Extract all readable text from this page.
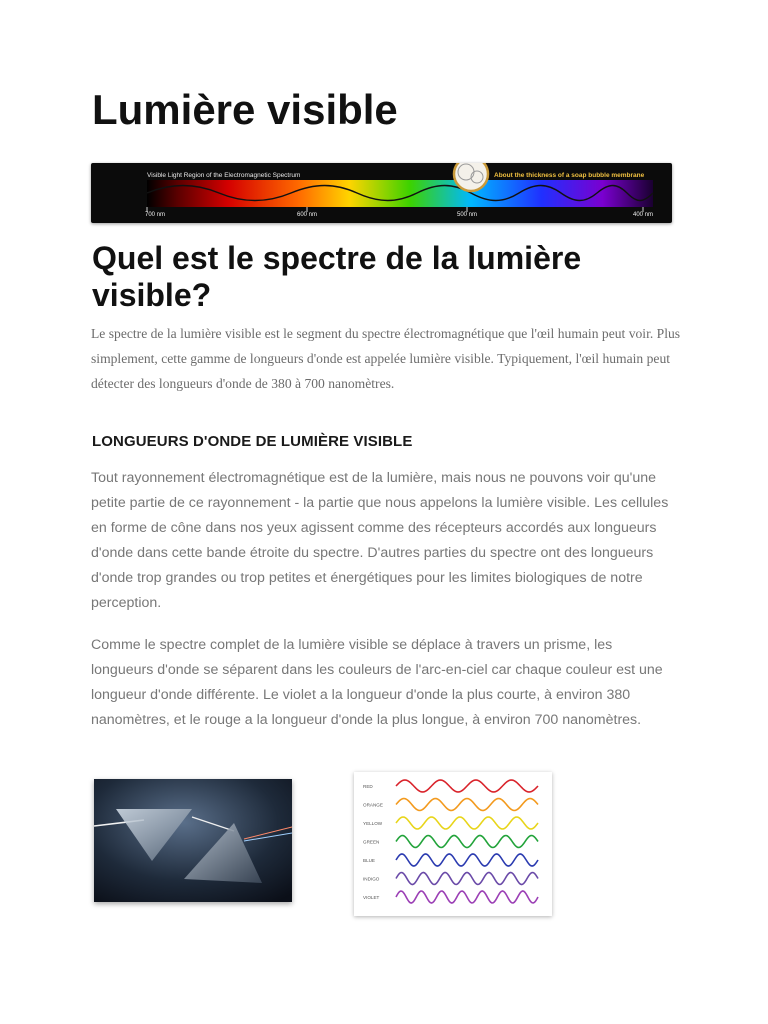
Lumière visible
Visible Light Region of the Electromagnetic Spectrum	About the thickness of a soap bubble membrane
700 nm	600 nm	500 nm	400 nm
Quel est le spectre de la lumière visible?

Le spectre de la lumière visible est le segment du spectre électromagnétique que l'œil humain peut voir. Plus simplement, cette gamme de longueurs d'onde est appelée lumière visible. Typiquement, l'œil humain peut détecter des longueurs d'onde de 380 à 700 nanomètres.

LONGUEURS D'ONDE DE LUMIÈRE VISIBLE

Tout rayonnement électromagnétique est de la lumière, mais nous ne pouvons voir qu'une petite partie de ce rayonnement - la partie que nous appelons la lumière visible. Les cellules en forme de cône dans nos yeux agissent comme des récepteurs accordés aux longueurs d'onde dans cette bande étroite du spectre. D'autres parties du spectre ont des longueurs d'onde trop grandes ou trop petites et énergétiques pour les limites biologiques de notre perception.

Comme le spectre complet de la lumière visible se déplace à travers un prisme, les longueurs d'onde se séparent dans les couleurs de l'arc-en-ciel car chaque couleur est une longueur d'onde différente. Le violet a la longueur d'onde la plus courte, à environ 380 nanomètres, et le rouge a la longueur d'onde la plus longue, à environ 700 nanomètres.

RED
ORANGE
YELLOW
GREEN
BLUE
INDIGO
VIOLET
